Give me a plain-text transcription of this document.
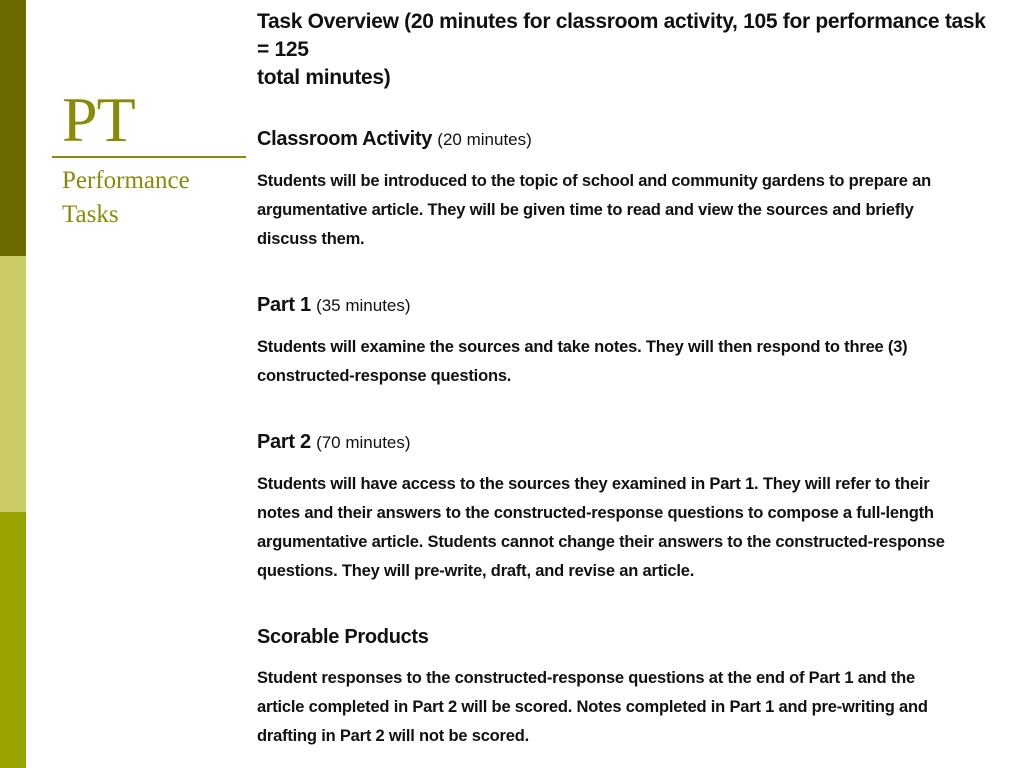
PT
Performance
Tasks
Task Overview (20 minutes for classroom activity, 105 for performance task = 125
total minutes)
Classroom Activity (20 minutes)
Students will be introduced to the topic of school and community gardens to prepare an
argumentative article. They will be given time to read and view the sources and briefly
discuss them.
Part 1 (35 minutes)
Students will examine the sources and take notes. They will then respond to three (3)
constructed-response questions.
Part 2 (70 minutes)
Students will have access to the sources they examined in Part 1. They will refer to their
notes and their answers to the constructed-response questions to compose a full-length
argumentative article. Students cannot change their answers to the constructed-response
questions. They will pre-write, draft, and revise an article.
Scorable Products
Student responses to the constructed-response questions at the end of Part 1 and the
article completed in Part 2 will be scored. Notes completed in Part 1 and pre-writing and
drafting in Part 2 will not be scored.
